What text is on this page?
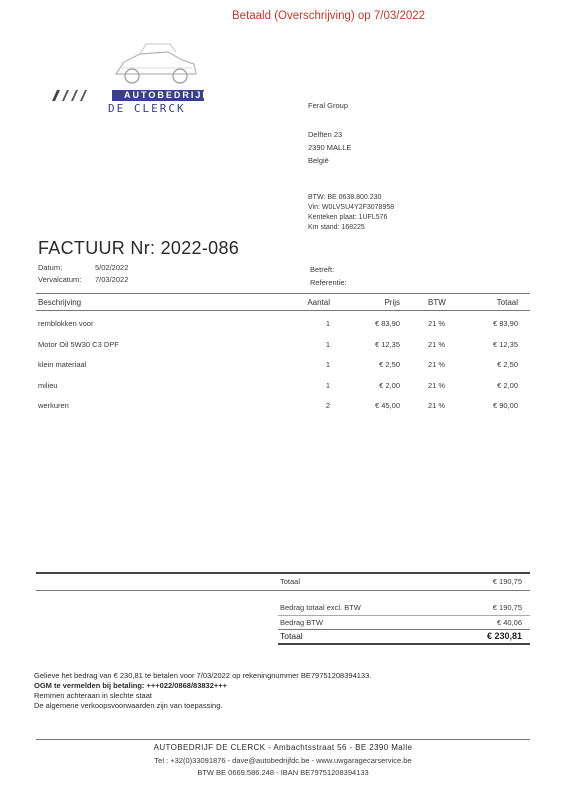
Betaald (Overschrijving) op 7/03/2022
AUTOBEDRIJF
DE CLERCK	Feral Group
Delften 23
2390 MALLE
België
BTW: BE 0638.800.230
Vin: W0LVSU4Y2F3078958
Kenteken plaat: 1UFL576
Km stand: 168225
FACTUUR Nr: 2022-086
Datum:	5/02/2022
Vervalcatum: 7/03/2022
Betreft:
Referentie:
Beschrijving	Aantal	Prijs	BTW	Totaal
remblokken voor	1	€ 83,90	21 %	€ 83,90
Motor Oil 5W30 C3 DPF	1	€ 12,35	21 %	€ 12,35
klein materiaal	1	€ 2,50	21 %	€ 2,50
milieu	1	€ 2,00	21 %	€ 2,00
werkuren	2	€ 45,00	21 %	€ 90,00
Totaal	€ 190,75
Bedrag totaal excl. BTW	€ 190,75
Bedrag BTW	€ 40,06
Totaal	€ 230,81
Gelieve het bedrag van € 230,81 te betalen voor 7/03/2022 op rekeningnummer BE79751208394133.
OGM te vermelden bij betaling: +++022/0868/83832+++
Remmen achteraan in slechte staat
De algemene verkoopsvoorwaarden zijn van toepassing.
AUTOBEDRIJF DE CLERCK - Ambachtsstraat 56 - BE 2390 Malle
Tel : +32(0)33091876 - dave@autobedrijfdc.be - www.uwgaragecarservice.be
BTW BE 0669.586.248 - IBAN BE79751208394133
